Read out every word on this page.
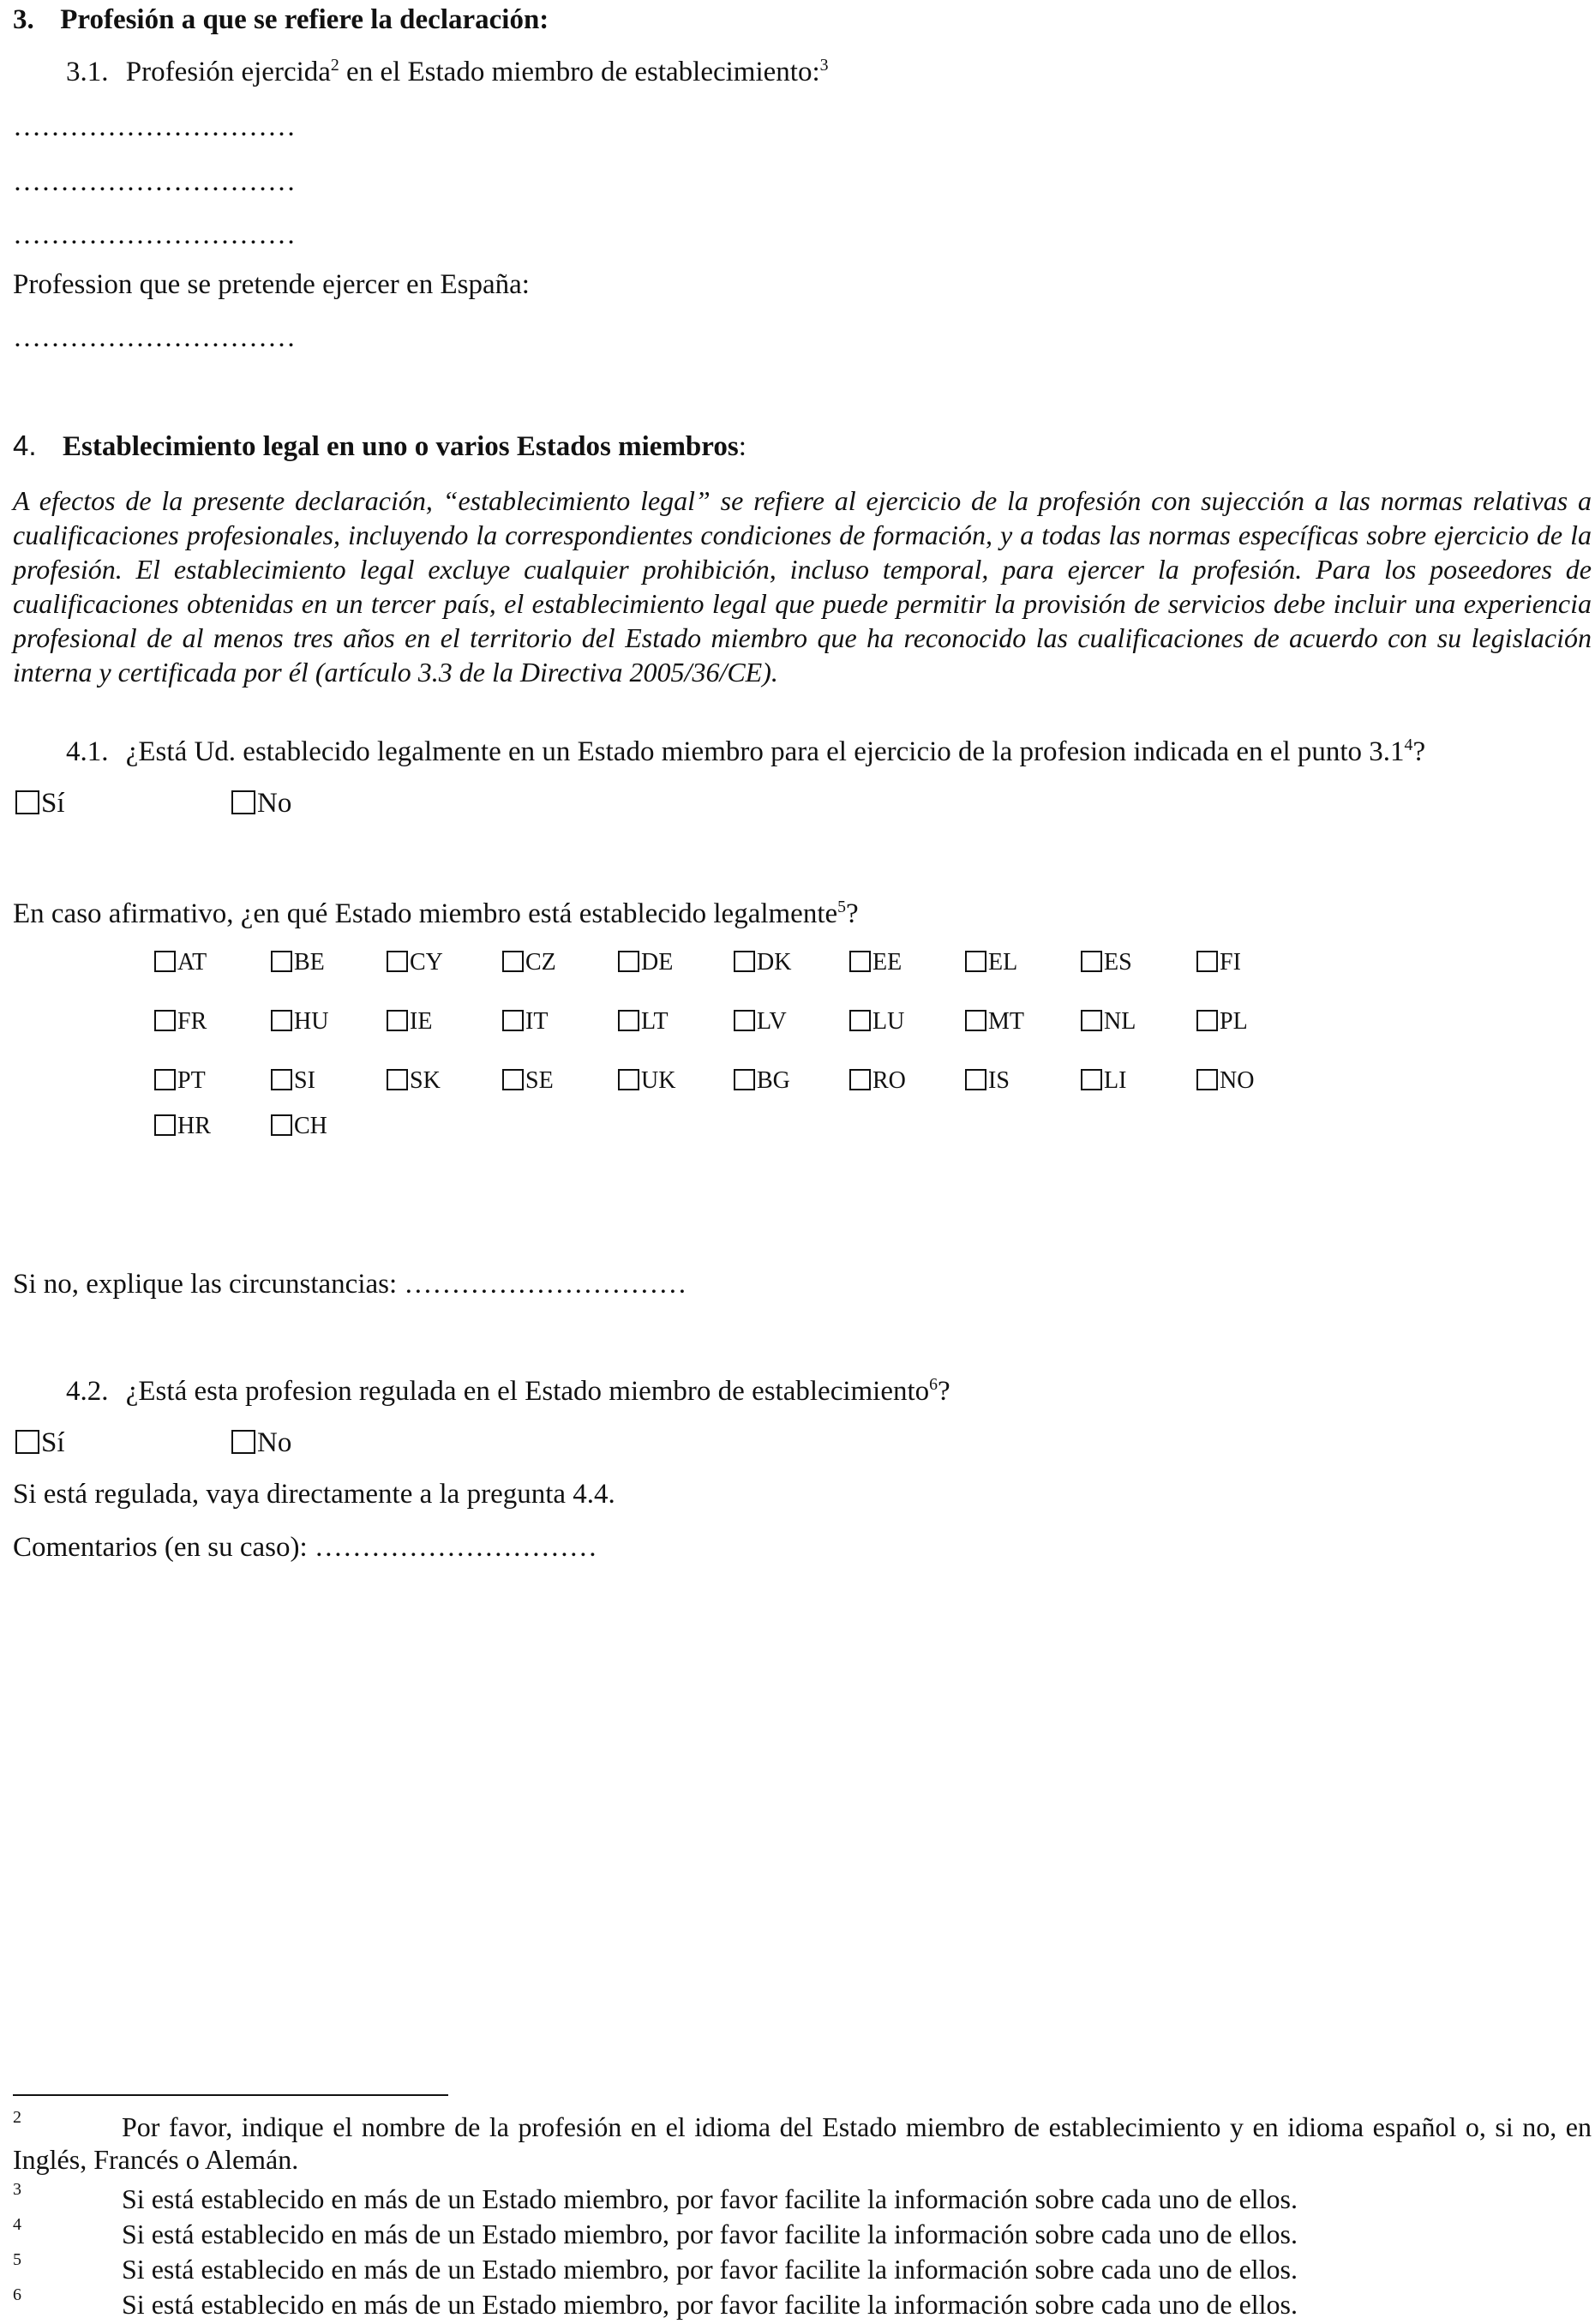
3. Profesión a que se refiere la declaración:
3.1. Profesión ejercida$^2$ en el Estado miembro de establecimiento:$^3$
…………………………
…………………………
…………………………
Profession que se pretende ejercer en España:
…………………………
4. Establecimiento legal en uno o varios Estados miembros:
A efectos de la presente declaración, “establecimiento legal” se refiere al ejercicio de la profesión con sujección a las normas relativas a cualificaciones profesionales, incluyendo la correspondientes condiciones de formación, y a todas las normas específicas sobre ejercicio de la profesión. El establecimiento legal excluye cualquier prohibición, incluso temporal, para ejercer la profesión. Para los poseedores de cualificaciones obtenidas en un tercer país, el establecimiento legal que puede permitir la provisión de servicios debe incluir una experiencia profesional de al menos tres años en el territorio del Estado miembro que ha reconocido las cualificaciones de acuerdo con su legislación interna y certificada por él (artículo 3.3 de la Directiva 2005/36/CE).
4.1. ¿Está Ud. establecido legalmente en un Estado miembro para el ejercicio de la profesion indicada en el punto $3.1^4$?
Sí	No
En caso afirmativo, ¿en qué Estado miembro está establecido legalmente$^5$?
AT	BE	CY	CZ	DE	DK	EE	EL	ES	FI
FR	HU	IE	IT	LT	LV	LU	MT	NL	PL
PT	SI	SK	SE	UK	BG	RO	IS	LI	NO
HR	CH
Si no, explique las circunstancias: …………………………
4.2. ¿Está esta profesion regulada en el Estado miembro de establecimiento$^6$?
Sí	No
Si está regulada, vaya directamente a la pregunta 4.4.
Comentarios (en su caso): …………………………
2	Por favor, indique el nombre de la profesión en el idioma del Estado miembro de establecimiento y en idioma español o, si no, en Inglés, Francés o Alemán.
3	Si está establecido en más de un Estado miembro, por favor facilite la información sobre cada uno de ellos.
4	Si está establecido en más de un Estado miembro, por favor facilite la información sobre cada uno de ellos.
5	Si está establecido en más de un Estado miembro, por favor facilite la información sobre cada uno de ellos.
6	Si está establecido en más de un Estado miembro, por favor facilite la información sobre cada uno de ellos.
